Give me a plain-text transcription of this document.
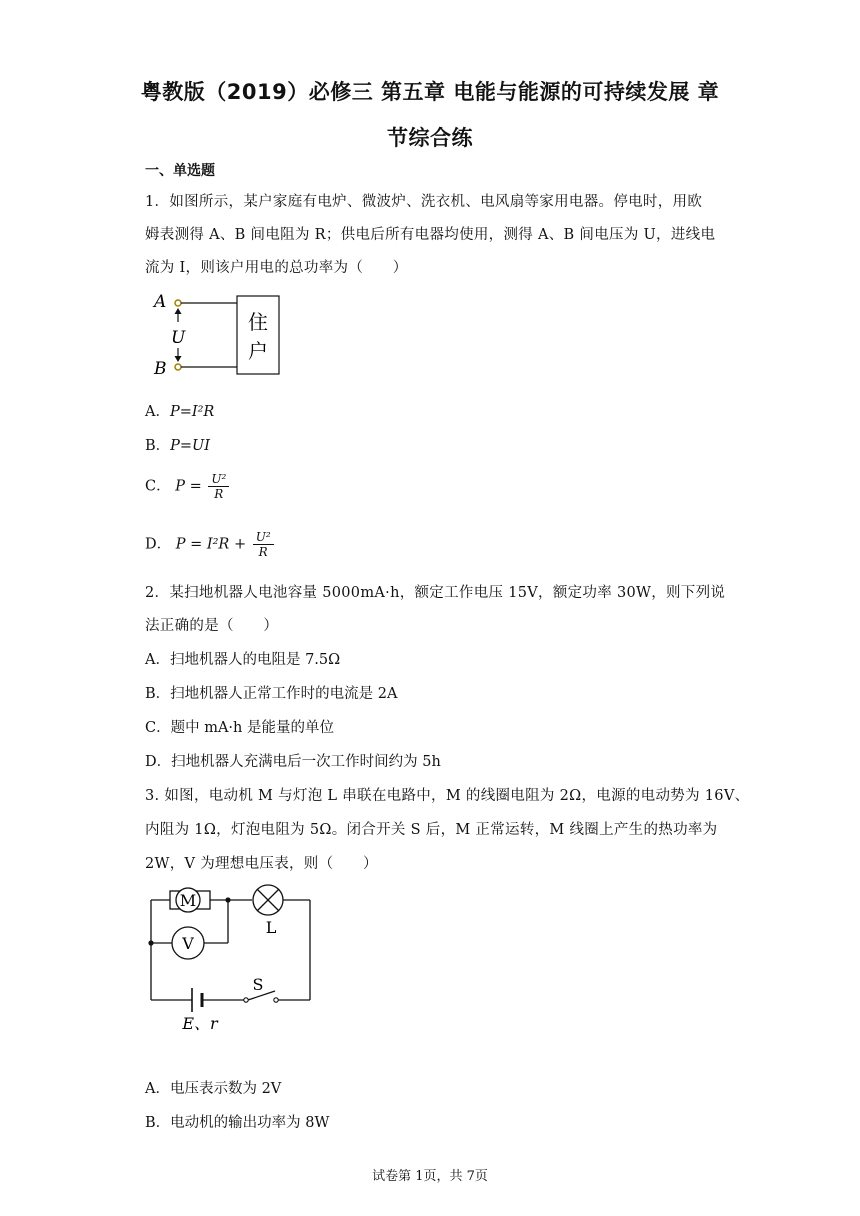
粤教版（2019）必修三 第五章 电能与能源的可持续发展 章
节综合练
一、单选题
1．如图所示，某户家庭有电炉、微波炉、洗衣机、电风扇等家用电器。停电时，用欧
姆表测得 A、B 间电阻为 R；供电后所有电器均使用，测得 A、B 间电压为 U，进线电
流为 I，则该户用电的总功率为（　　）
A
B
住
户
U
A．P=I²R
B．P=UI
C． $P = \frac{\text{U²}}{R}$
D． $P = I^2R + \frac{\text{U²}}{R}$
2．某扫地机器人电池容量 5000mA·h，额定工作电压 15V，额定功率 30W，则下列说
法正确的是（　　）
A．扫地机器人的电阻是 7.5Ω
B．扫地机器人正常工作时的电流是 2A
C．题中 mA·h 是能量的单位
D．扫地机器人充满电后一次工作时间约为 5h
3. 如图，电动机 M 与灯泡 L 串联在电路中，M 的线圈电阻为 2Ω，电源的电动势为 16V、
内阻为 1Ω，灯泡电阻为 5Ω。闭合开关 S 后，M 正常运转，M 线圈上产生的热功率为
2W，V 为理想电压表，则（　　）
M
L
V
S
E、r
A．电压表示数为 2V
B．电动机的输出功率为 8W
试卷第 1页，共 7页
